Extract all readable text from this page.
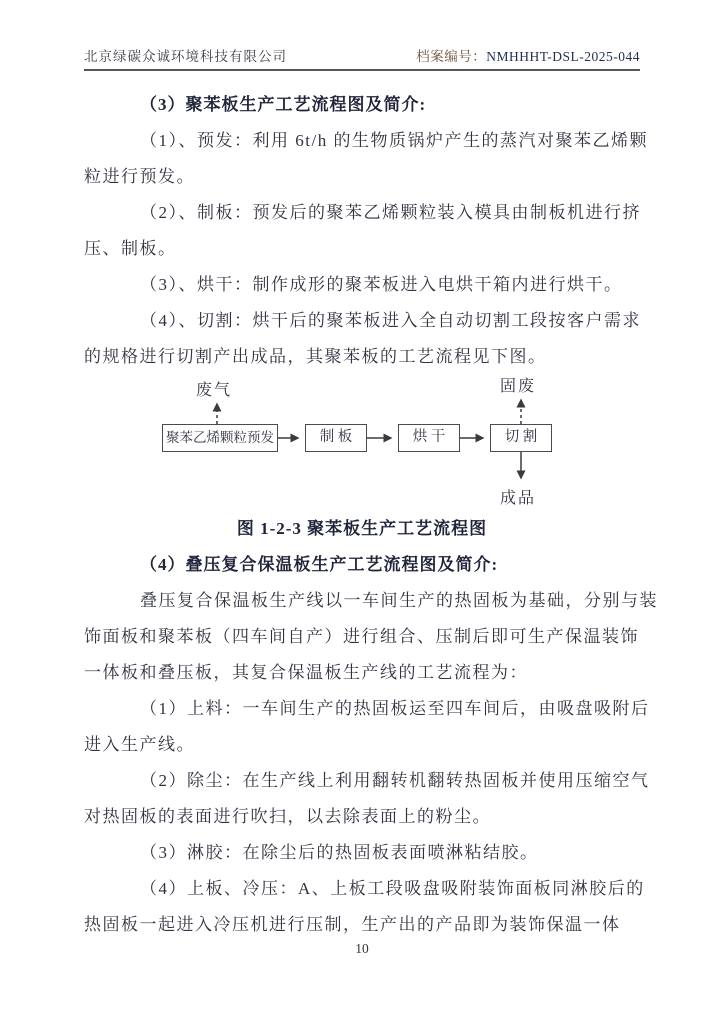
北京绿碳众诚环境科技有限公司	档案编号：NMHHHT-DSL-2025-044
（3）聚苯板生产工艺流程图及简介:
（1）、预发：利用 6t/h 的生物质锅炉产生的蒸汽对聚苯乙烯颗
粒进行预发。
（2）、制板：预发后的聚苯乙烯颗粒装入模具由制板机进行挤
压、制板。
（3）、烘干：制作成形的聚苯板进入电烘干箱内进行烘干。
（4）、切割：烘干后的聚苯板进入全自动切割工段按客户需求
的规格进行切割产出成品，其聚苯板的工艺流程见下图。
废气	固废
成品
聚苯乙烯颗粒预发	制 板	烘 干	切 割
图 1-2-3 聚苯板生产工艺流程图
（4）叠压复合保温板生产工艺流程图及简介:
叠压复合保温板生产线以一车间生产的热固板为基础，分别与装
饰面板和聚苯板（四车间自产）进行组合、压制后即可生产保温装饰
一体板和叠压板，其复合保温板生产线的工艺流程为：
（1）上料：一车间生产的热固板运至四车间后，由吸盘吸附后
进入生产线。
（2）除尘：在生产线上利用翻转机翻转热固板并使用压缩空气
对热固板的表面进行吹扫，以去除表面上的粉尘。
（3）淋胶：在除尘后的热固板表面喷淋粘结胶。
（4）上板、冷压：A、上板工段吸盘吸附装饰面板同淋胶后的
热固板一起进入冷压机进行压制，生产出的产品即为装饰保温一体
10
